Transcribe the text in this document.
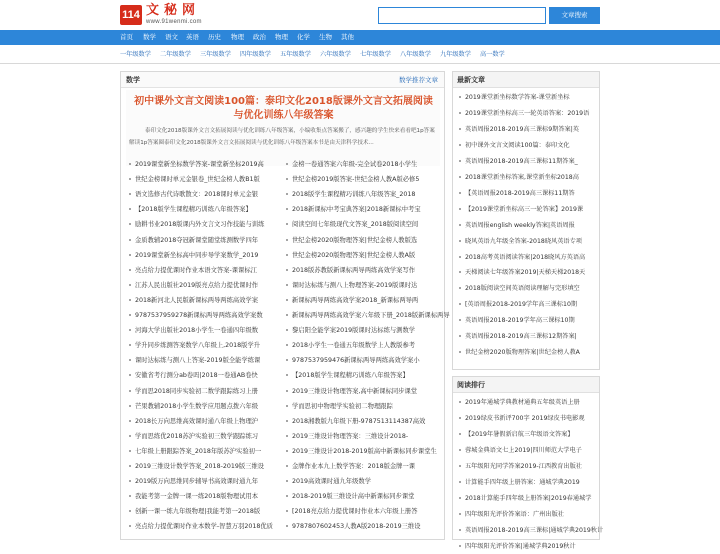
114 文秘网
www.91wenmi.com
文章搜索
首页 数学 语文 英语 历史 物理 政治 物理 化学 生物 其他
一年级数学 二年级数学 三年级数学 四年级数学 五年级数学 六年级数学 七年级数学 八年级数学 九年级数学 高一数学
数学	数学推荐文章
初中课外文言文阅读100篇：泰印文化2018版课外文言文拓展阅读与优化训练八年级答案
泰印文化2018版课外文言文拓展阅读与优化训练八年级答案，小编收集点答案搬了，感兴趣的学生快来看看吧1p答案解读1p答案圈泰印文化2018版课外文言文拓展阅读与优化训练八年级答案本书是由天津科学技术...
2019课堂新坐标数学答案-课堂新坐标2019高
世纪金榜课时单元金银卷_世纪金榜人教B1版
语文选修古代诗歌散文：2018课时单元金银
【2018版学生课程精巧训练八年级答案】
励耕书业2018版课内外文言文习作技能与训练
金质教辅2018夺冠新课堂随堂练测数学四年
2019课堂新坐标高中同步导学案数学_2019
亮点给力提优课时作业本语文答案-课课标江
江苏人民出版社2019版亮点给力提优课时作
2018新河北人民版新课标两导两练高效学案
9787537959278新课标两导两练高效学案数
河海大学出版社2018小学生一卷通四年级数
学升同步练测答案数学八年级上,2018版学升
课时达标练与测八上答案-2019版全能学练课
安徽省考行测分ab卷吗|2018一卷通AB卷快
学而思2018同步实验初二数学跟踪练习上册
芒果教辅2018小学生数学应用题点拨六年级
2018长万向思维高效课时通八年级上物理沪
学而思练优2018苏沪实验初三数学跟踪练习
七年级上册跟踪答案_2018年版苏沪实验初一
2019三维设计数学答案_2018-2019版三维设
2019版万向思维同步辅导书高效课时通九年
我能考第一金牌一课一练2018版物理试用本
创新一课一练九年级物理|我能考第一2018版
亮点给力提优课时作业本数学-智慧万羽2018优质
金榜一卷通答案六年级-完全试卷2018小学生
世纪金榜2019版答案-世纪金榜人教A版必修5
2018版学生课程精巧训练八年级答案_2018
2018新课标中考宝典答案|2018新课标中考宝
阅读空间七年级现代文答案_2018版阅读空间
世纪金榜2020版物理答案|世纪金榜人教版选
世纪金榜2020版物理答案|世纪金榜人教A版
2018版苏教版新课标两导两练高效学案写作
课时达标练与测八上物理答案-2019版课时达
新课标两导两练高效学案2018_新课标两导两
新课标两导两练高效学案六年级下册_2018版新课标两导
黎启阳全能学案2019版课时达标练与测数学
2018小学生一卷通五年级数学上人教版参考
9787537959476新课标两导两练高效学案小
【2018版学生课程精巧训练八年级答案】
2019三维设计物理答案,高中新课标同步课堂
学而思初中物理学实验初二物理跟踪
2018湘教版九年级下册-9787513114387高效
2019三维设计物理答案：三维设计2018-
2019三维设计2018-2019版高中新课标同步课堂生
金牌作业本九上数学答案：2018版金牌一课
2019高效课时通九年级数学
2018-2019版三维设计高中新课标同步课堂
[2018亮点给力提优课时作业本六年级上册答
9787807602453人教A版2018-2019三维设
最新文章
2019课堂新坐标数学答案-课堂新坐标
2019课堂新坐标高三一轮英语答案：2019语
英语周报2018-2019高三课标9期答案|英
初中课外文言文阅读100篇：泰印文化
英语周报2018-2019高三课标11期答案_
2018课堂新坐标答案,课堂新坐标2018高
【英语周报2018-2019高三课标11期答
【2019课堂新坐标高三一轮答案】2019课
英语周报english weekly答案|英语周报
晓风英语九年级全答案-2018晓风英语专项
2018高考英语阅读答案|2018晓风方英语高
天梯阅读七年级答案2019|天梯天梯2018天
2018版阅读空间英语阅读理解与完形填空
[英语周报2018-2019学年高三课标10期
英语周报2018-2019学年高三课标10期
英语周报2018-2019高三课标12期答案|
世纪金榜2020版物理答案|世纪金榜人教A
阅读排行
2019年通城学典教材通典五年级英语上册
2019绿皮书新评700字 2019绿皮书电影观
【2019年暑假新启航三年级语文答案】
蓉城金典语文七上2019|四川师范大学电子
五年级阳光同学答案2019-江西教育出版社
计算能手四年级上册答案：通城学典2019
2018计算能手四年级上册答案|2019春通城学
四年级阳光评价答案语：广州出版社
英语周报2018-2019高三课标|通城学典2019秋计
四年级阳光评价答案|通城学典2019秋计
